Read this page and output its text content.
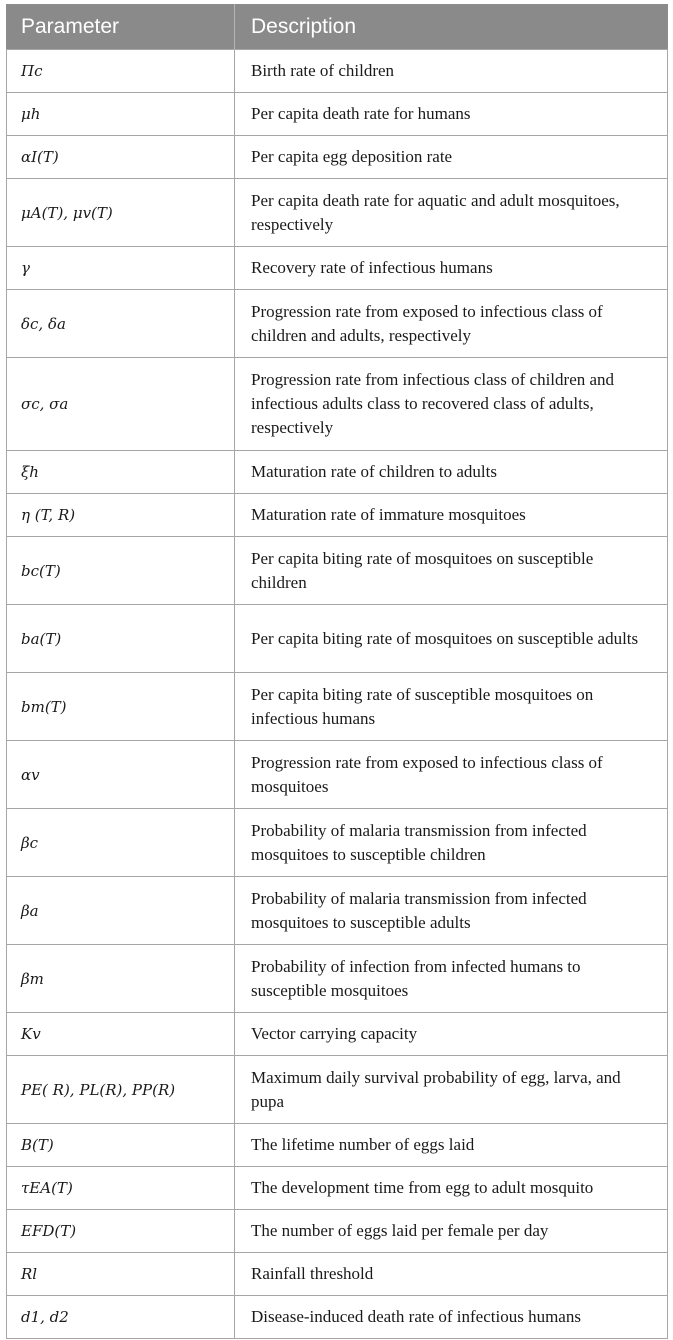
Parameter	Description
Πc	Birth rate of children
μh	Per capita death rate for humans
αI(T)	Per capita egg deposition rate
μA(T), μv(T)	Per capita death rate for aquatic and adult mosquitoes, respectively
γ	Recovery rate of infectious humans
δc, δa	Progression rate from exposed to infectious class of children and adults, respectively
σc, σa	Progression rate from infectious class of children and infectious adults class to recovered class of adults, respectively
ξh	Maturation rate of children to adults
η (T, R)	Maturation rate of immature mosquitoes
bc(T)	Per capita biting rate of mosquitoes on susceptible children
ba(T)	Per capita biting rate of mosquitoes on susceptible adults
bm(T)	Per capita biting rate of susceptible mosquitoes on infectious humans
αv	Progression rate from exposed to infectious class of mosquitoes
βc	Probability of malaria transmission from infected mosquitoes to susceptible children
βa	Probability of malaria transmission from infected mosquitoes to susceptible adults
βm	Probability of infection from infected humans to susceptible mosquitoes
Kv	Vector carrying capacity
PE( R), PL(R), PP(R)	Maximum daily survival probability of egg, larva, and pupa
B(T)	The lifetime number of eggs laid
τEA(T)	The development time from egg to adult mosquito
EFD(T)	The number of eggs laid per female per day
Rl	Rainfall threshold
d1, d2	Disease-induced death rate of infectious humans
